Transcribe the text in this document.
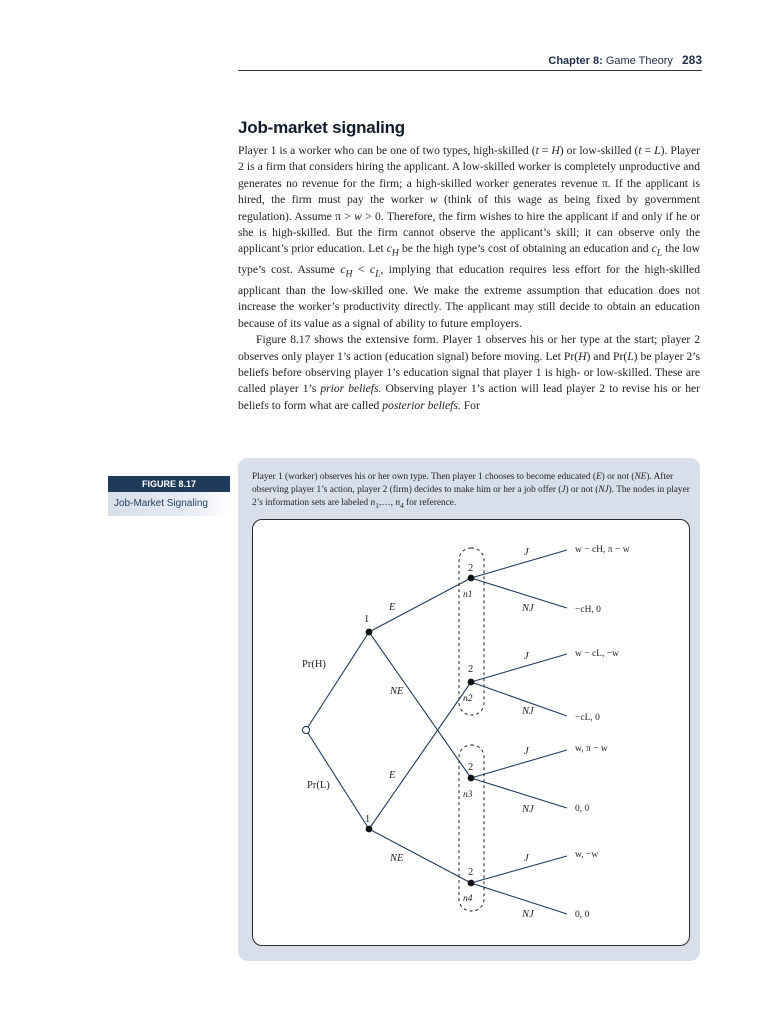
Chapter 8: Game Theory 283
Job-market signaling

Player 1 is a worker who can be one of two types, high-skilled (t = H) or low-skilled (t = L). Player 2 is a firm that considers hiring the applicant. A low-skilled worker is completely unproductive and generates no revenue for the firm; a high-skilled worker generates revenue π. If the applicant is hired, the firm must pay the worker w (think of this wage as being fixed by government regulation). Assume π > w > 0. Therefore, the firm wishes to hire the applicant if and only if he or she is high-skilled. But the firm cannot observe the applicant’s skill; it can observe only the applicant’s prior education. Let $c_H$ be the high type’s cost of obtaining an education and $c_L$ the low type’s cost. Assume $c_H < c_L$, implying that education requires less effort for the high-skilled applicant than the low-skilled one. We make the extreme assumption that education does not increase the worker’s productivity directly. The applicant may still decide to obtain an education because of its value as a signal of ability to future employers.

Figure 8.17 shows the extensive form. Player 1 observes his or her type at the start; player 2 observes only player 1’s action (education signal) before moving. Let Pr(H) and Pr(L) be player 2’s beliefs before observing player 1’s education signal that player 1 is high- or low-skilled. These are called player 1’s prior beliefs. Observing player 1’s action will lead player 2 to revise his or her beliefs to form what are called posterior beliefs. For

FIGURE 8.17
Job-Market Signaling
Player 1 (worker) observes his or her own type. Then player 1 chooses to become educated (E) or not (NE). After observing player 1’s action, player 2 (firm) decides to make him or her a job offer (J) or not (NJ). The nodes in player 2’s information sets are labeled $n_1,\dots$, $n_4$ for reference.
Pr(H)
Pr(L)
1
1
2
2
2
2
E
NE
E
NE
J
NJ
J
NJ
J
NJ
J
NJ
n1
n2
n3
n4
w − cH, π − w
−cH, 0
w − cL, −w
−cL, 0
w, π − w
0, 0
w, −w
0, 0
